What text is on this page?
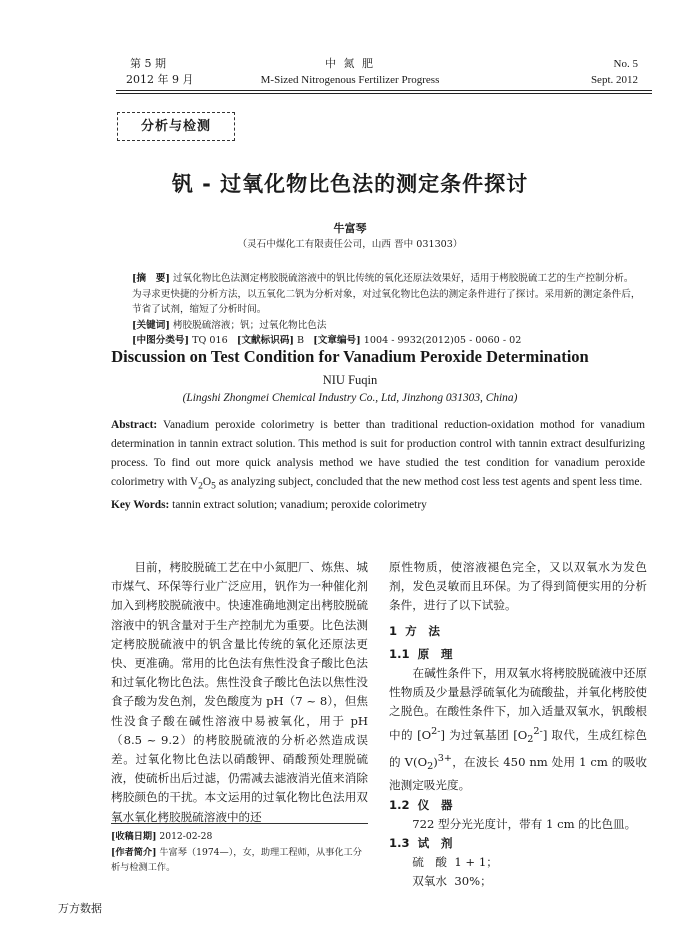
第 5 期
2012 年 9 月
中 氮 肥
M-Sized Nitrogenous Fertilizer Progress
No. 5
Sept. 2012
分析与检测
钒 - 过氧化物比色法的测定条件探讨
牛富琴
（灵石中煤化工有限责任公司，山西 晋中 031303）

[摘　要] 过氧化物比色法测定栲胶脱硫溶液中的钒比传统的氧化还原法效果好，适用于栲胶脱硫工艺的生产控制分析。为寻求更快捷的分析方法，以五氧化二钒为分析对象，对过氧化物比色法的测定条件进行了探讨。采用新的测定条件后，节省了试剂，缩短了分析时间。

[关键词] 栲胶脱硫溶液；钒；过氧化物比色法

[中图分类号] TQ 016 [文献标识码] B [文章编号] 1004 - 9932(2012)05 - 0060 - 02

Discussion on Test Condition for Vanadium Peroxide Determination
NIU Fuqin
(Lingshi Zhongmei Chemical Industry Co., Ltd, Jinzhong 031303, China)

Abstract: Vanadium peroxide colorimetry is better than traditional reduction-oxidation mothod for vanadium determination in tannin extract solution. This method is suit for production control with tannin extract desulfurizing process. To find out more quick analysis method we have studied the test condition for vanadium peroxide colorimetry with $V_2O_5$ as analyzing subject, concluded that the new method cost less test agents and spent less time.

Key Words: tannin extract solution; vanadium; peroxide colorimetry

　　目前，栲胶脱硫工艺在中小氮肥厂、炼焦、城市煤气、环保等行业广泛应用，钒作为一种催化剂加入到栲胶脱硫液中。快速准确地测定出栲胶脱硫溶液中的钒含量对于生产控制尤为重要。比色法测定栲胶脱硫液中的钒含量比传统的氧化还原法更快、更准确。常用的比色法有焦性没食子酸比色法和过氧化物比色法。焦性没食子酸比色法以焦性没食子酸为发色剂，发色酸度为 pH（7 ~ 8），但焦性没食子酸在碱性溶液中易被氧化，用于 pH（8.5 ~ 9.2）的栲胶脱硫液的分析必然造成误差。过氧化物比色法以硝酸钾、硝酸预处理脱硫液，使硫析出后过滤，仍需减去滤液消光值来消除栲胶颜色的干扰。本文运用的过氧化物比色法用双氧水氧化栲胶脱硫溶液中的还

[收稿日期] 2012-02-28

[作者简介] 牛富琴（1974—），女，助理工程师，从事化工分析与检测工作。

原性物质，使溶液褪色完全，又以双氧水为发色剂，发色灵敏而且环保。为了得到简便实用的分析条件，进行了以下试验。

1 方　法

1.1 原　理

　　在碱性条件下，用双氧水将栲胶脱硫液中还原性物质及少量悬浮硫氧化为硫酸盐，并氧化栲胶使之脱色。在酸性条件下，加入适量双氧水，钒酸根中的 $[O^{2-}]$ 为过氧基团 $[O_2^{2-}]$ 取代，生成红棕色的 $V(O_2)^{3+}$，在波长 450 nm 处用 1 cm 的吸收池测定吸光度。

1.2 仪　器

　　722 型分光光度计，带有 1 cm 的比色皿。

1.3 试　剂

　　硫　酸 1 + 1；

　　双氧水 30%；

万方数据
